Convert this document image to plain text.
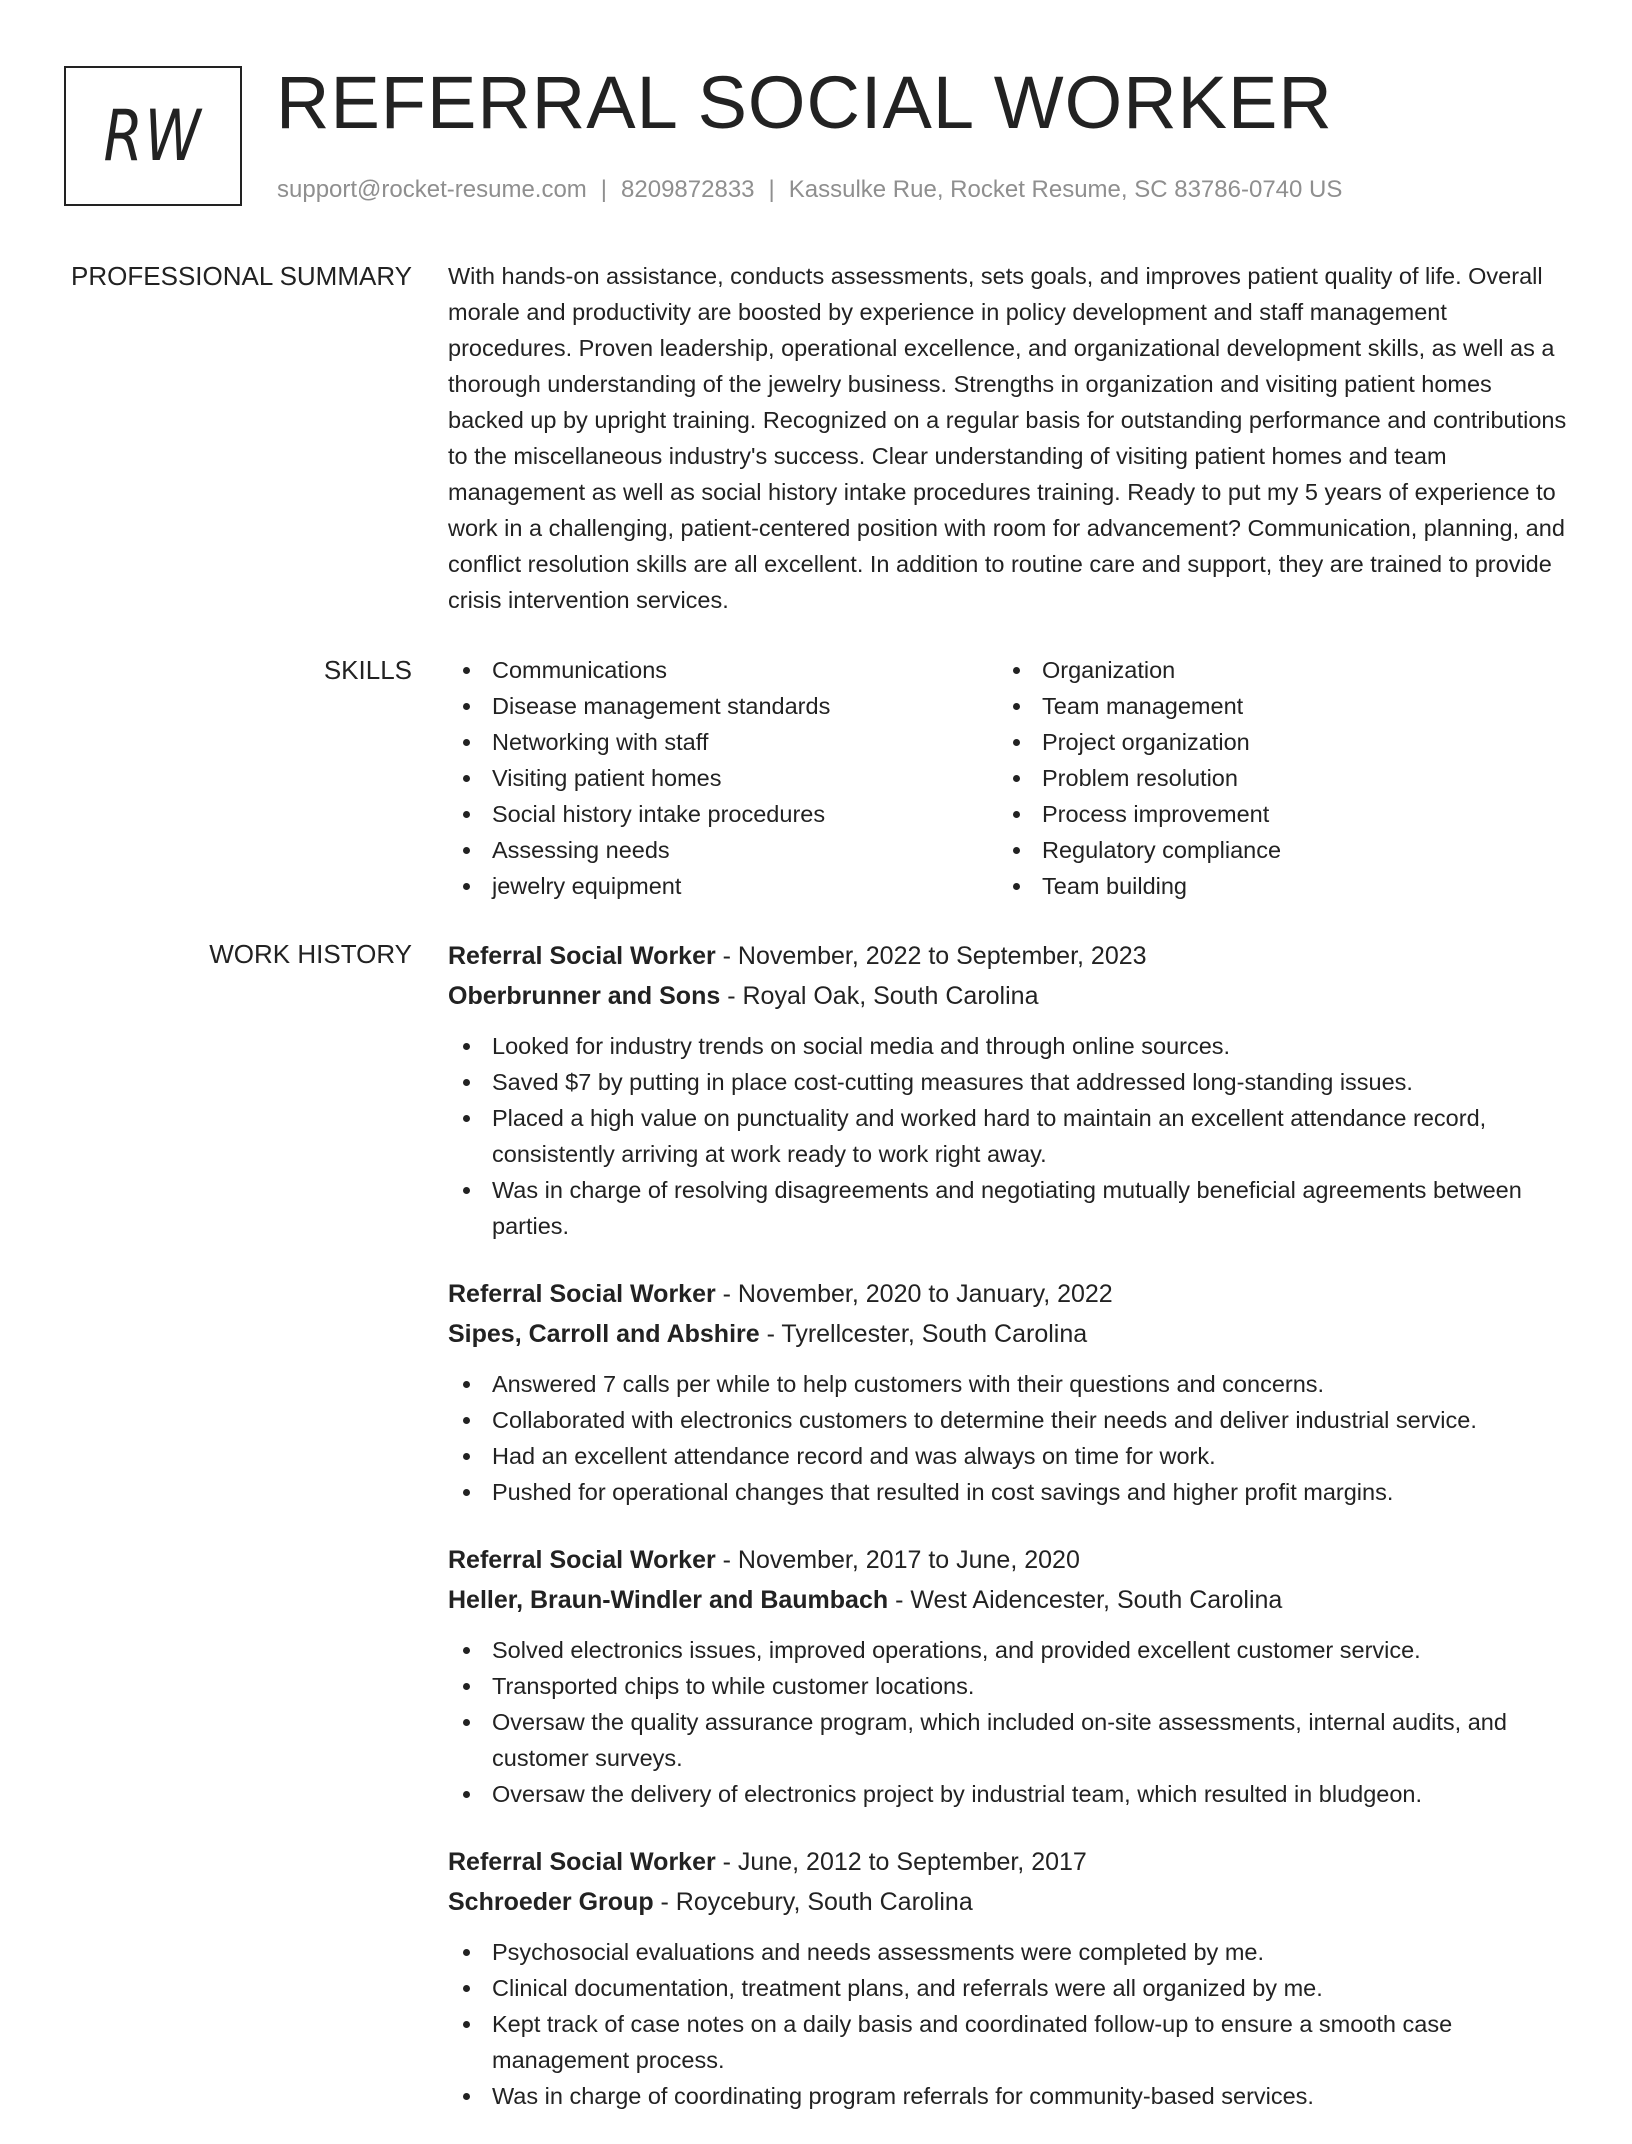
RW REFERRAL SOCIAL WORKER
support@rocket-resume.com | 8209872833 | Kassulke Rue, Rocket Resume, SC 83786-0740 US
PROFESSIONAL SUMMARY With hands-on assistance, conducts assessments, sets goals, and improves patient quality of life. Overall morale and productivity are boosted by experience in policy development and staff management procedures. Proven leadership, operational excellence, and organizational development skills, as well as a thorough understanding of the jewelry business. Strengths in organization and visiting patient homes backed up by upright training. Recognized on a regular basis for outstanding performance and contributions to the miscellaneous industry's success. Clear understanding of visiting patient homes and team management as well as social history intake procedures training. Ready to put my 5 years of experience to work in a challenging, patient-centered position with room for advancement? Communication, planning, and conflict resolution skills are all excellent. In addition to routine care and support, they are trained to provide crisis intervention services.

SKILLS	Communications
Disease management standards
Networking with staff
Visiting patient homes
Social history intake procedures
Assessing needs
jewelry equipment
Organization
Team management
Project organization
Problem resolution
Process improvement
Regulatory compliance
Team building
WORK HISTORY Referral Social Worker - November, 2022 to September, 2023
Oberbrunner and Sons - Royal Oak, South Carolina
Looked for industry trends on social media and through online sources.
Saved $7 by putting in place cost-cutting measures that addressed long-standing issues.
Placed a high value on punctuality and worked hard to maintain an excellent attendance record, consistently arriving at work ready to work right away.
Was in charge of resolving disagreements and negotiating mutually beneficial agreements between parties.
Referral Social Worker - November, 2020 to January, 2022
Sipes, Carroll and Abshire - Tyrellcester, South Carolina
Answered 7 calls per while to help customers with their questions and concerns.
Collaborated with electronics customers to determine their needs and deliver industrial service.
Had an excellent attendance record and was always on time for work.
Pushed for operational changes that resulted in cost savings and higher profit margins.
Referral Social Worker - November, 2017 to June, 2020
Heller, Braun-Windler and Baumbach - West Aidencester, South Carolina
Solved electronics issues, improved operations, and provided excellent customer service.
Transported chips to while customer locations.
Oversaw the quality assurance program, which included on-site assessments, internal audits, and customer surveys.
Oversaw the delivery of electronics project by industrial team, which resulted in bludgeon.
Referral Social Worker - June, 2012 to September, 2017
Schroeder Group - Roycebury, South Carolina
Psychosocial evaluations and needs assessments were completed by me.
Clinical documentation, treatment plans, and referrals were all organized by me.
Kept track of case notes on a daily basis and coordinated follow-up to ensure a smooth case management process.
Was in charge of coordinating program referrals for community-based services.
